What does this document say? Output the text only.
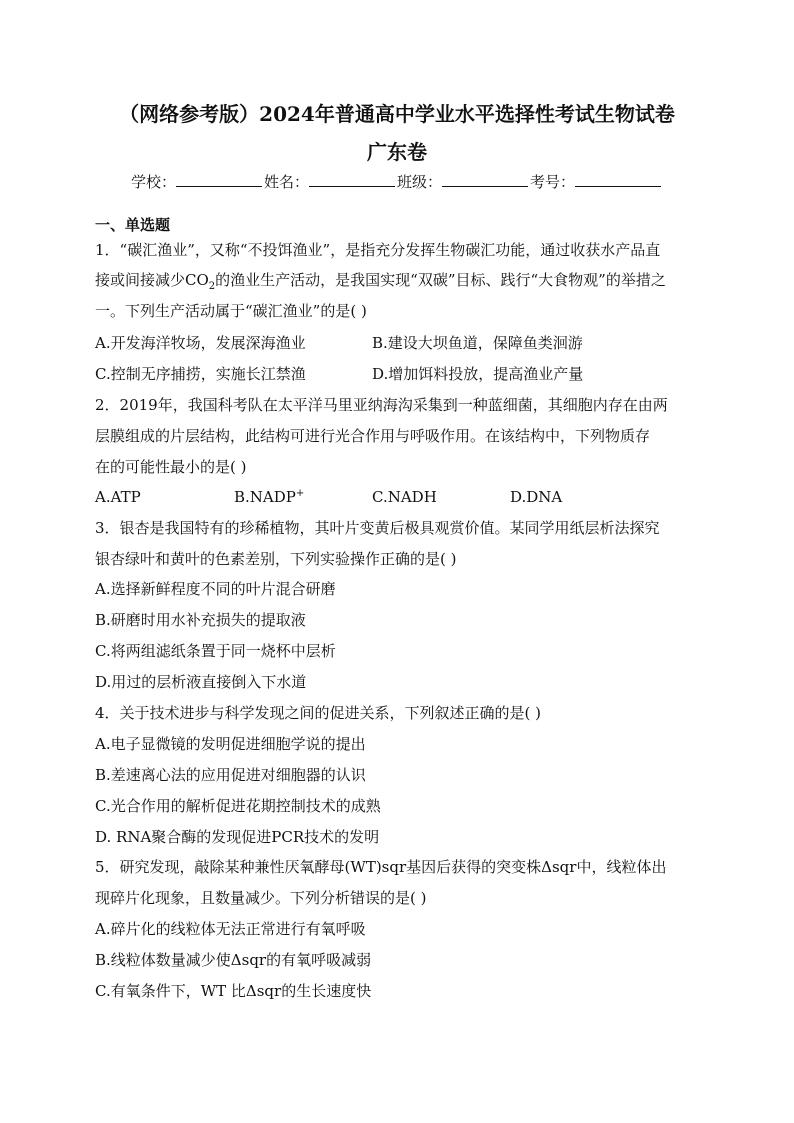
（网络参考版）2024年普通高中学业水平选择性考试生物试卷
广东卷
学校：	姓名：	班级：	考号：
一、单选题
1．“碳汇渔业”，又称“不投饵渔业”，是指充分发挥生物碳汇功能，通过收获水产品直
接或间接减少$CO_2$的渔业生产活动，是我国实现“双碳”目标、践行“大食物观”的举措之
一。下列生产活动属于“碳汇渔业”的是( )
A.开发海洋牧场，发展深海渔业	B.建设大坝鱼道，保障鱼类洄游
C.控制无序捕捞，实施长江禁渔	D.增加饵料投放，提高渔业产量
2．2019年，我国科考队在太平洋马里亚纳海沟采集到一种蓝细菌，其细胞内存在由两
层膜组成的片层结构，此结构可进行光合作用与呼吸作用。在该结构中，下列物质存
在的可能性最小的是( )
A.ATP	B.NADP+	C.NADH	D.DNA
3．银杏是我国特有的珍稀植物，其叶片变黄后极具观赏价值。某同学用纸层析法探究
银杏绿叶和黄叶的色素差别，下列实验操作正确的是( )
A.选择新鲜程度不同的叶片混合研磨
B.研磨时用水补充损失的提取液
C.将两组滤纸条置于同一烧杯中层析
D.用过的层析液直接倒入下水道
4．关于技术进步与科学发现之间的促进关系，下列叙述正确的是( )
A.电子显微镜的发明促进细胞学说的提出
B.差速离心法的应用促进对细胞器的认识
C.光合作用的解析促进花期控制技术的成熟
D. RNA聚合酶的发现促进PCR技术的发明
5．研究发现，敲除某种兼性厌氧酵母(WT)sqr基因后获得的突变株Δsqr中，线粒体出
现碎片化现象，且数量减少。下列分析错误的是( )
A.碎片化的线粒体无法正常进行有氧呼吸
B.线粒体数量减少使Δsqr的有氧呼吸减弱
C.有氧条件下，WT 比Δsqr的生长速度快
